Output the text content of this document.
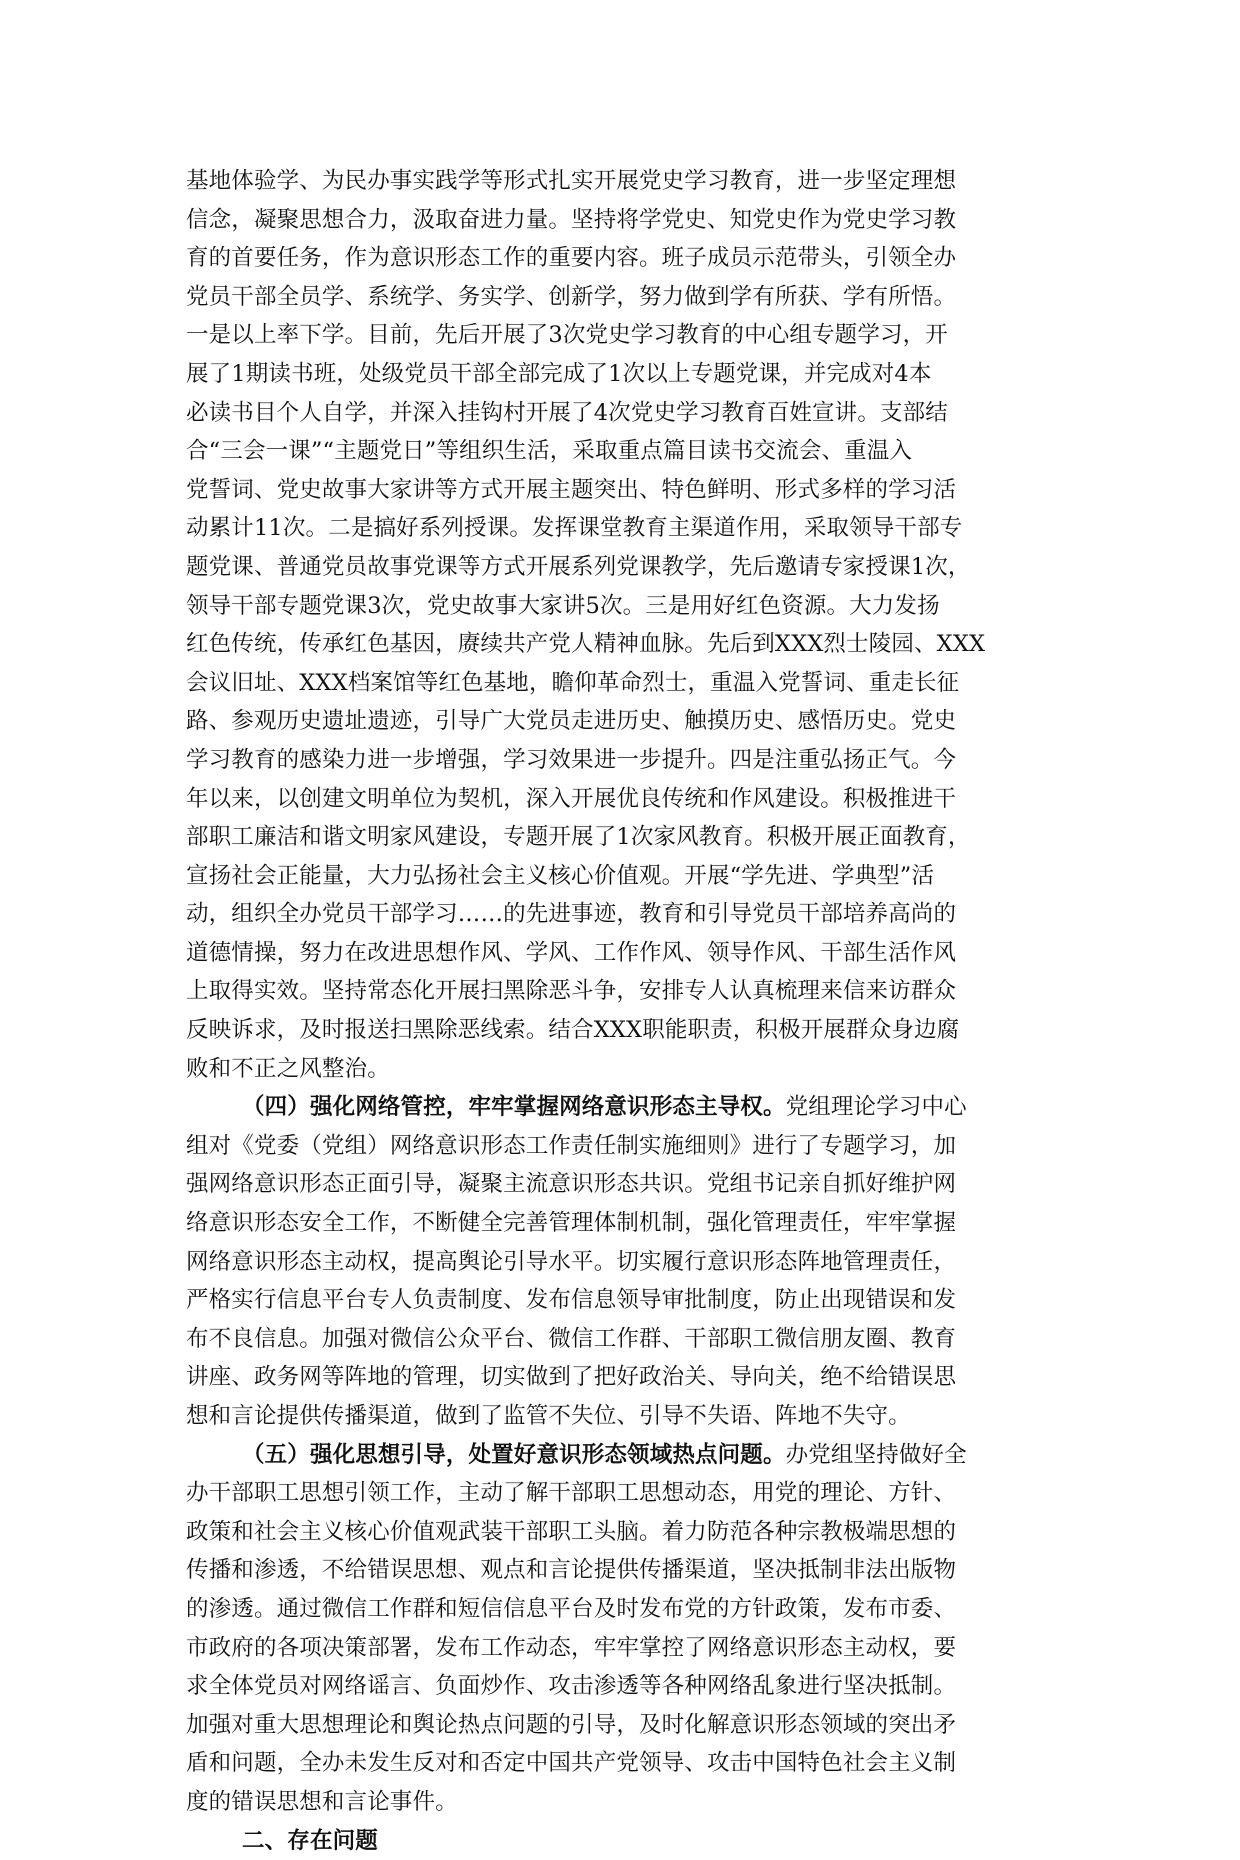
基地体验学、为民办事实践学等形式扎实开展党史学习教育，进一步坚定理想
信念，凝聚思想合力，汲取奋进力量。坚持将学党史、知党史作为党史学习教
育的首要任务，作为意识形态工作的重要内容。班子成员示范带头，引领全办
党员干部全员学、系统学、务实学、创新学，努力做到学有所获、学有所悟。
一是以上率下学。目前，先后开展了3次党史学习教育的中心组专题学习，开
展了1期读书班，处级党员干部全部完成了1次以上专题党课，并完成对4本
必读书目个人自学，并深入挂钩村开展了4次党史学习教育百姓宣讲。支部结
合“三会一课”“主题党日”等组织生活，采取重点篇目读书交流会、重温入
党誓词、党史故事大家讲等方式开展主题突出、特色鲜明、形式多样的学习活
动累计11次。二是搞好系列授课。发挥课堂教育主渠道作用，采取领导干部专
题党课、普通党员故事党课等方式开展系列党课教学，先后邀请专家授课1次，
领导干部专题党课3次，党史故事大家讲5次。三是用好红色资源。大力发扬
红色传统，传承红色基因，赓续共产党人精神血脉。先后到XXX烈士陵园、XXX
会议旧址、XXX档案馆等红色基地，瞻仰革命烈士，重温入党誓词、重走长征
路、参观历史遗址遗迹，引导广大党员走进历史、触摸历史、感悟历史。党史
学习教育的感染力进一步增强，学习效果进一步提升。四是注重弘扬正气。今
年以来，以创建文明单位为契机，深入开展优良传统和作风建设。积极推进干
部职工廉洁和谐文明家风建设，专题开展了1次家风教育。积极开展正面教育，
宣扬社会正能量，大力弘扬社会主义核心价值观。开展“学先进、学典型”活
动，组织全办党员干部学习……的先进事迹，教育和引导党员干部培养高尚的
道德情操，努力在改进思想作风、学风、工作作风、领导作风、干部生活作风
上取得实效。坚持常态化开展扫黑除恶斗争，安排专人认真梳理来信来访群众
反映诉求，及时报送扫黑除恶线索。结合XXX职能职责，积极开展群众身边腐
败和不正之风整治。
（四）强化网络管控，牢牢掌握网络意识形态主导权。党组理论学习中心
组对《党委（党组）网络意识形态工作责任制实施细则》进行了专题学习，加
强网络意识形态正面引导，凝聚主流意识形态共识。党组书记亲自抓好维护网
络意识形态安全工作，不断健全完善管理体制机制，强化管理责任，牢牢掌握
网络意识形态主动权，提高舆论引导水平。切实履行意识形态阵地管理责任，
严格实行信息平台专人负责制度、发布信息领导审批制度，防止出现错误和发
布不良信息。加强对微信公众平台、微信工作群、干部职工微信朋友圈、教育
讲座、政务网等阵地的管理，切实做到了把好政治关、导向关，绝不给错误思
想和言论提供传播渠道，做到了监管不失位、引导不失语、阵地不失守。
（五）强化思想引导，处置好意识形态领域热点问题。办党组坚持做好全
办干部职工思想引领工作，主动了解干部职工思想动态，用党的理论、方针、
政策和社会主义核心价值观武装干部职工头脑。着力防范各种宗教极端思想的
传播和渗透，不给错误思想、观点和言论提供传播渠道，坚决抵制非法出版物
的渗透。通过微信工作群和短信信息平台及时发布党的方针政策，发布市委、
市政府的各项决策部署，发布工作动态，牢牢掌控了网络意识形态主动权，要
求全体党员对网络谣言、负面炒作、攻击渗透等各种网络乱象进行坚决抵制。
加强对重大思想理论和舆论热点问题的引导，及时化解意识形态领域的突出矛
盾和问题，全办未发生反对和否定中国共产党领导、攻击中国特色社会主义制
度的错误思想和言论事件。
二、存在问题
